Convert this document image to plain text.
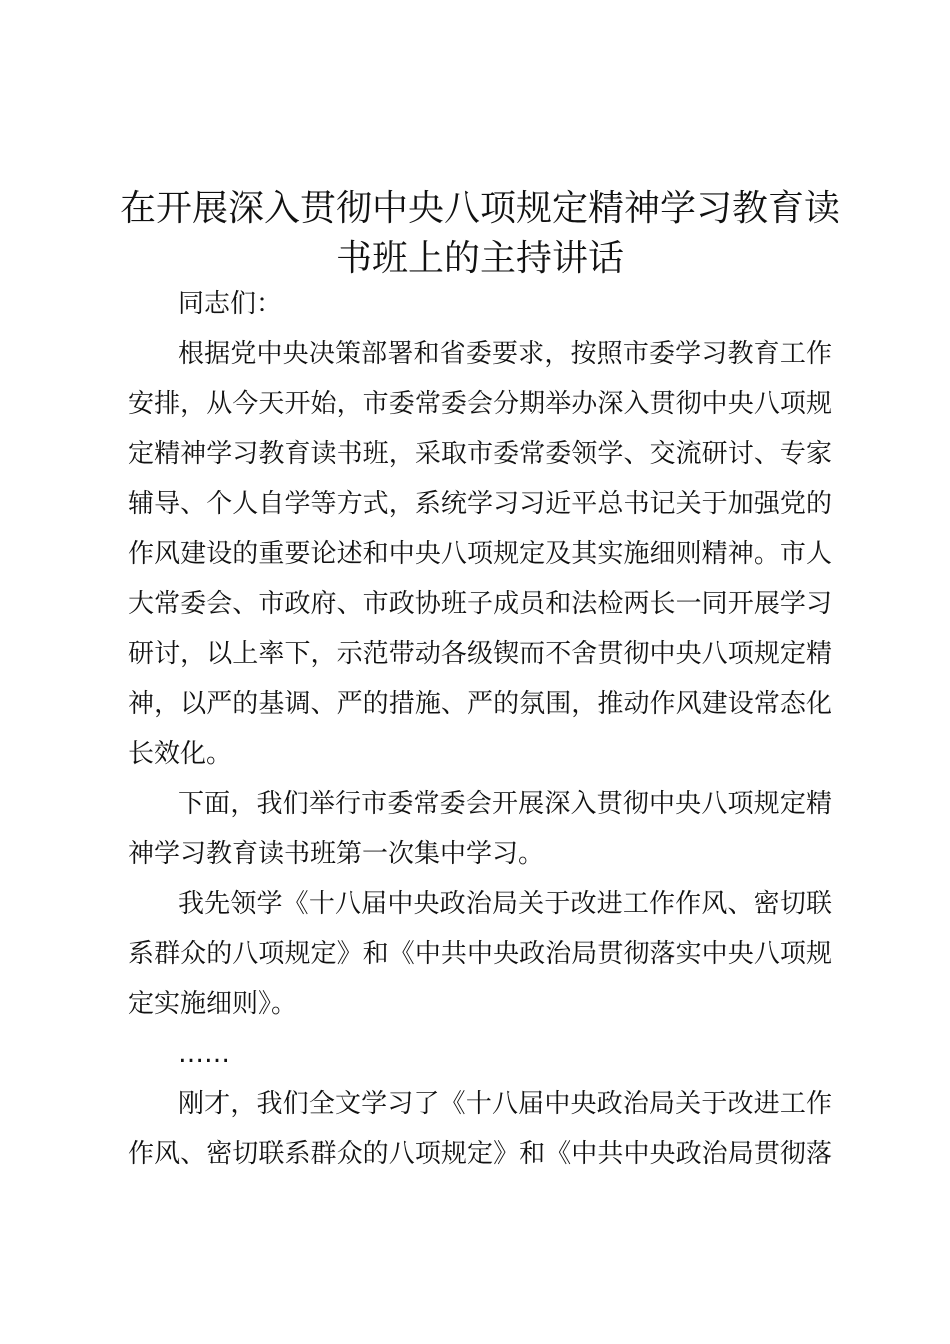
在开展深入贯彻中央八项规定精神学习教育读
书班上的主持讲话
同志们：
根据党中央决策部署和省委要求，按照市委学习教育工作
安排，从今天开始，市委常委会分期举办深入贯彻中央八项规
定精神学习教育读书班，采取市委常委领学、交流研讨、专家
辅导、个人自学等方式，系统学习习近平总书记关于加强党的
作风建设的重要论述和中央八项规定及其实施细则精神。市人
大常委会、市政府、市政协班子成员和法检两长一同开展学习
研讨，以上率下，示范带动各级锲而不舍贯彻中央八项规定精
神，以严的基调、严的措施、严的氛围，推动作风建设常态化
长效化。
下面，我们举行市委常委会开展深入贯彻中央八项规定精
神学习教育读书班第一次集中学习。
我先领学《十八届中央政治局关于改进工作作风、密切联
系群众的八项规定》和《中共中央政治局贯彻落实中央八项规
定实施细则》。
……
刚才，我们全文学习了《十八届中央政治局关于改进工作
作风、密切联系群众的八项规定》和《中共中央政治局贯彻落
